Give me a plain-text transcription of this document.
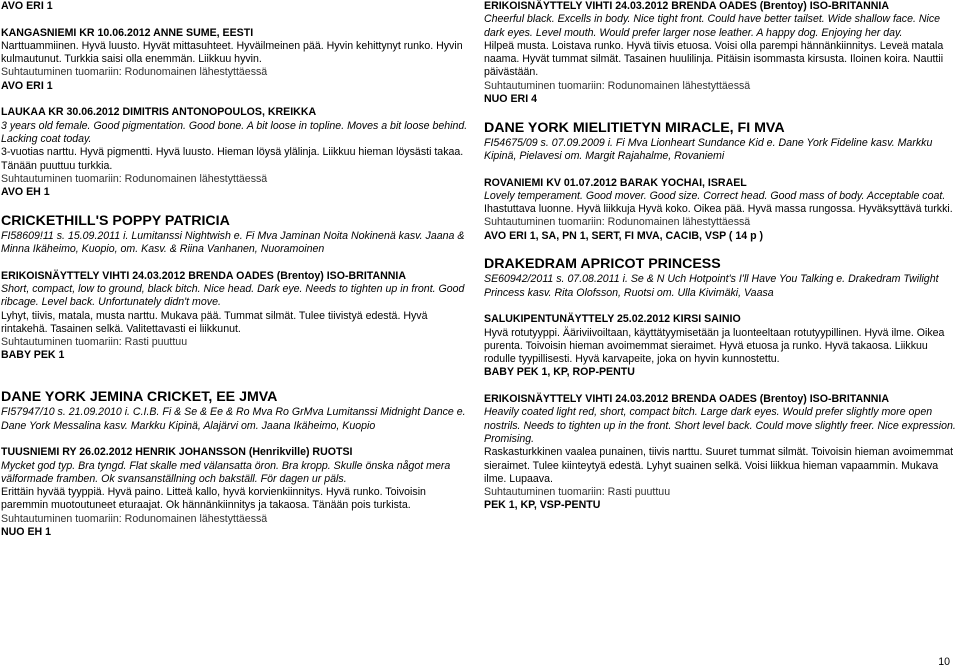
AVO ERI 1

KANGASNIEMI KR 10.06.2012 ANNE SUME, EESTI

Narttuammiinen. Hyvä luusto. Hyvät mittasuhteet. Hyväilmeinen pää. Hyvin kehittynyt runko. Hyvin kulmautunut. Turkkia saisi olla enemmän. Liikkuu hyvin.

Suhtautuminen tuomariin: Rodunomainen lähestyttäessä

AVO ERI 1

LAUKAA KR 30.06.2012 DIMITRIS ANTONOPOULOS, KREIKKA

3 years old female. Good pigmentation. Good bone. A bit loose in topline. Moves a bit loose behind. Lacking coat today.

3-vuotias narttu. Hyvä pigmentti. Hyvä luusto. Hieman löysä ylälinja. Liikkuu hieman löysästi takaa. Tänään puuttuu turkkia.

Suhtautuminen tuomariin: Rodunomainen lähestyttäessä

AVO EH 1

CRICKETHILL'S POPPY PATRICIA

FI58609!11 s. 15.09.2011 i. Lumitanssi Nightwish e. Fi Mva Jaminan Noita Nokinenä kasv. Jaana & Minna Ikäheimo, Kuopio, om. Kasv. & Riina Vanhanen, Nuoramoinen

ERIKOISNÄYTTELY VIHTI 24.03.2012 BRENDA OADES (Brentoy) ISO-BRITANNIA

Short, compact, low to ground, black bitch. Nice head. Dark eye. Needs to tighten up in front. Good ribcage. Level back. Unfortunately didn't move.

Lyhyt, tiivis, matala, musta narttu. Mukava pää. Tummat silmät. Tulee tiivistyä edestä. Hyvä rintakehä. Tasainen selkä. Valitettavasti ei liikkunut.

Suhtautuminen tuomariin: Rasti puuttuu

BABY PEK 1

DANE YORK JEMINA CRICKET, EE JMVA

FI57947/10 s. 21.09.2010 i. C.I.B. Fi & Se & Ee & Ro Mva Ro GrMva Lumitanssi Midnight Dance e. Dane York Messalina kasv. Markku Kipinä, Alajärvi om. Jaana Ikäheimo, Kuopio

TUUSNIEMI RY 26.02.2012 HENRIK JOHANSSON (Henrikville) RUOTSI

Mycket god typ. Bra tyngd. Flat skalle med välansatta öron. Bra kropp. Skulle önska något mera välformade framben. Ok svansanställning och bakställ. För dagen ur päls.

Erittäin hyvää tyyppiä. Hyvä paino. Litteä kallo, hyvä korvienkiinnitys. Hyvä runko. Toivoisin paremmin muotoutuneet eturaajat. Ok hännänkiinnitys ja takaosa. Tänään pois turkista.

Suhtautuminen tuomariin: Rodunomainen lähestyttäessä

NUO EH 1

ERIKOISNÄYTTELY VIHTI 24.03.2012 BRENDA OADES (Brentoy) ISO-BRITANNIA

Cheerful black. Excells in body. Nice tight front. Could have better tailset. Wide shallow face. Nice dark eyes. Level mouth. Would prefer larger nose leather. A happy dog. Enjoying her day.

Hilpeä musta. Loistava runko. Hyvä tiivis etuosa. Voisi olla parempi hännänkiinnitys. Leveä matala naama. Hyvät tummat silmät. Tasainen huulilinja. Pitäisin isommasta kirsusta. Iloinen koira. Nauttii päivästään.

Suhtautuminen tuomariin: Rodunomainen lähestyttäessä

NUO ERI 4

DANE YORK MIELITIETYN MIRACLE, FI MVA

FI54675/09 s. 07.09.2009 i. Fi Mva Lionheart Sundance Kid e. Dane York Fideline kasv. Markku Kipinä, Pielavesi om. Margit Rajahalme, Rovaniemi

ROVANIEMI KV 01.07.2012 BARAK YOCHAI, ISRAEL

Lovely temperament. Good mover. Good size. Correct head. Good mass of body. Acceptable coat.

Ihastuttava luonne. Hyvä liikkuja Hyvä koko. Oikea pää. Hyvä massa rungossa. Hyväksyttävä turkki.

Suhtautuminen tuomariin: Rodunomainen lähestyttäessä

AVO ERI 1, SA, PN 1, SERT, FI MVA, CACIB, VSP ( 14 p )

DRAKEDRAM APRICOT PRINCESS

SE60942/2011 s. 07.08.2011 i. Se & N Uch Hotpoint's I'll Have You Talking e. Drakedram Twilight Princess kasv. Rita Olofsson, Ruotsi om. Ulla Kivimäki, Vaasa

SALUKIPENTUNÄYTTELY 25.02.2012 KIRSI SAINIO

Hyvä rotutyyppi. Ääriviivoiltaan, käyttätyymisetään ja luonteeltaan rotutyypillinen. Hyvä ilme. Oikea purenta. Toivoisin hieman avoimemmat sieraimet. Hyvä etuosa ja runko. Hyvä takaosa. Liikkuu rodulle tyypillisesti. Hyvä karvapeite, joka on hyvin kunnostettu.

BABY PEK 1, KP, ROP-PENTU

ERIKOISNÄYTTELY VIHTI 24.03.2012 BRENDA OADES (Brentoy) ISO-BRITANNIA

Heavily coated light red, short, compact bitch. Large dark eyes. Would prefer slightly more open nostrils. Needs to tighten up in the front. Short level back. Could move slightly freer. Nice expression. Promising.

Raskasturkkinen vaalea punainen, tiivis narttu. Suuret tummat silmät. Toivoisin hieman avoimemmat sieraimet. Tulee kiinteytyä edestä. Lyhyt suainen selkä. Voisi liikkua hieman vapaammin. Mukava ilme. Lupaava.

Suhtautuminen tuomariin: Rasti puuttuu

PEK 1, KP, VSP-PENTU

10
